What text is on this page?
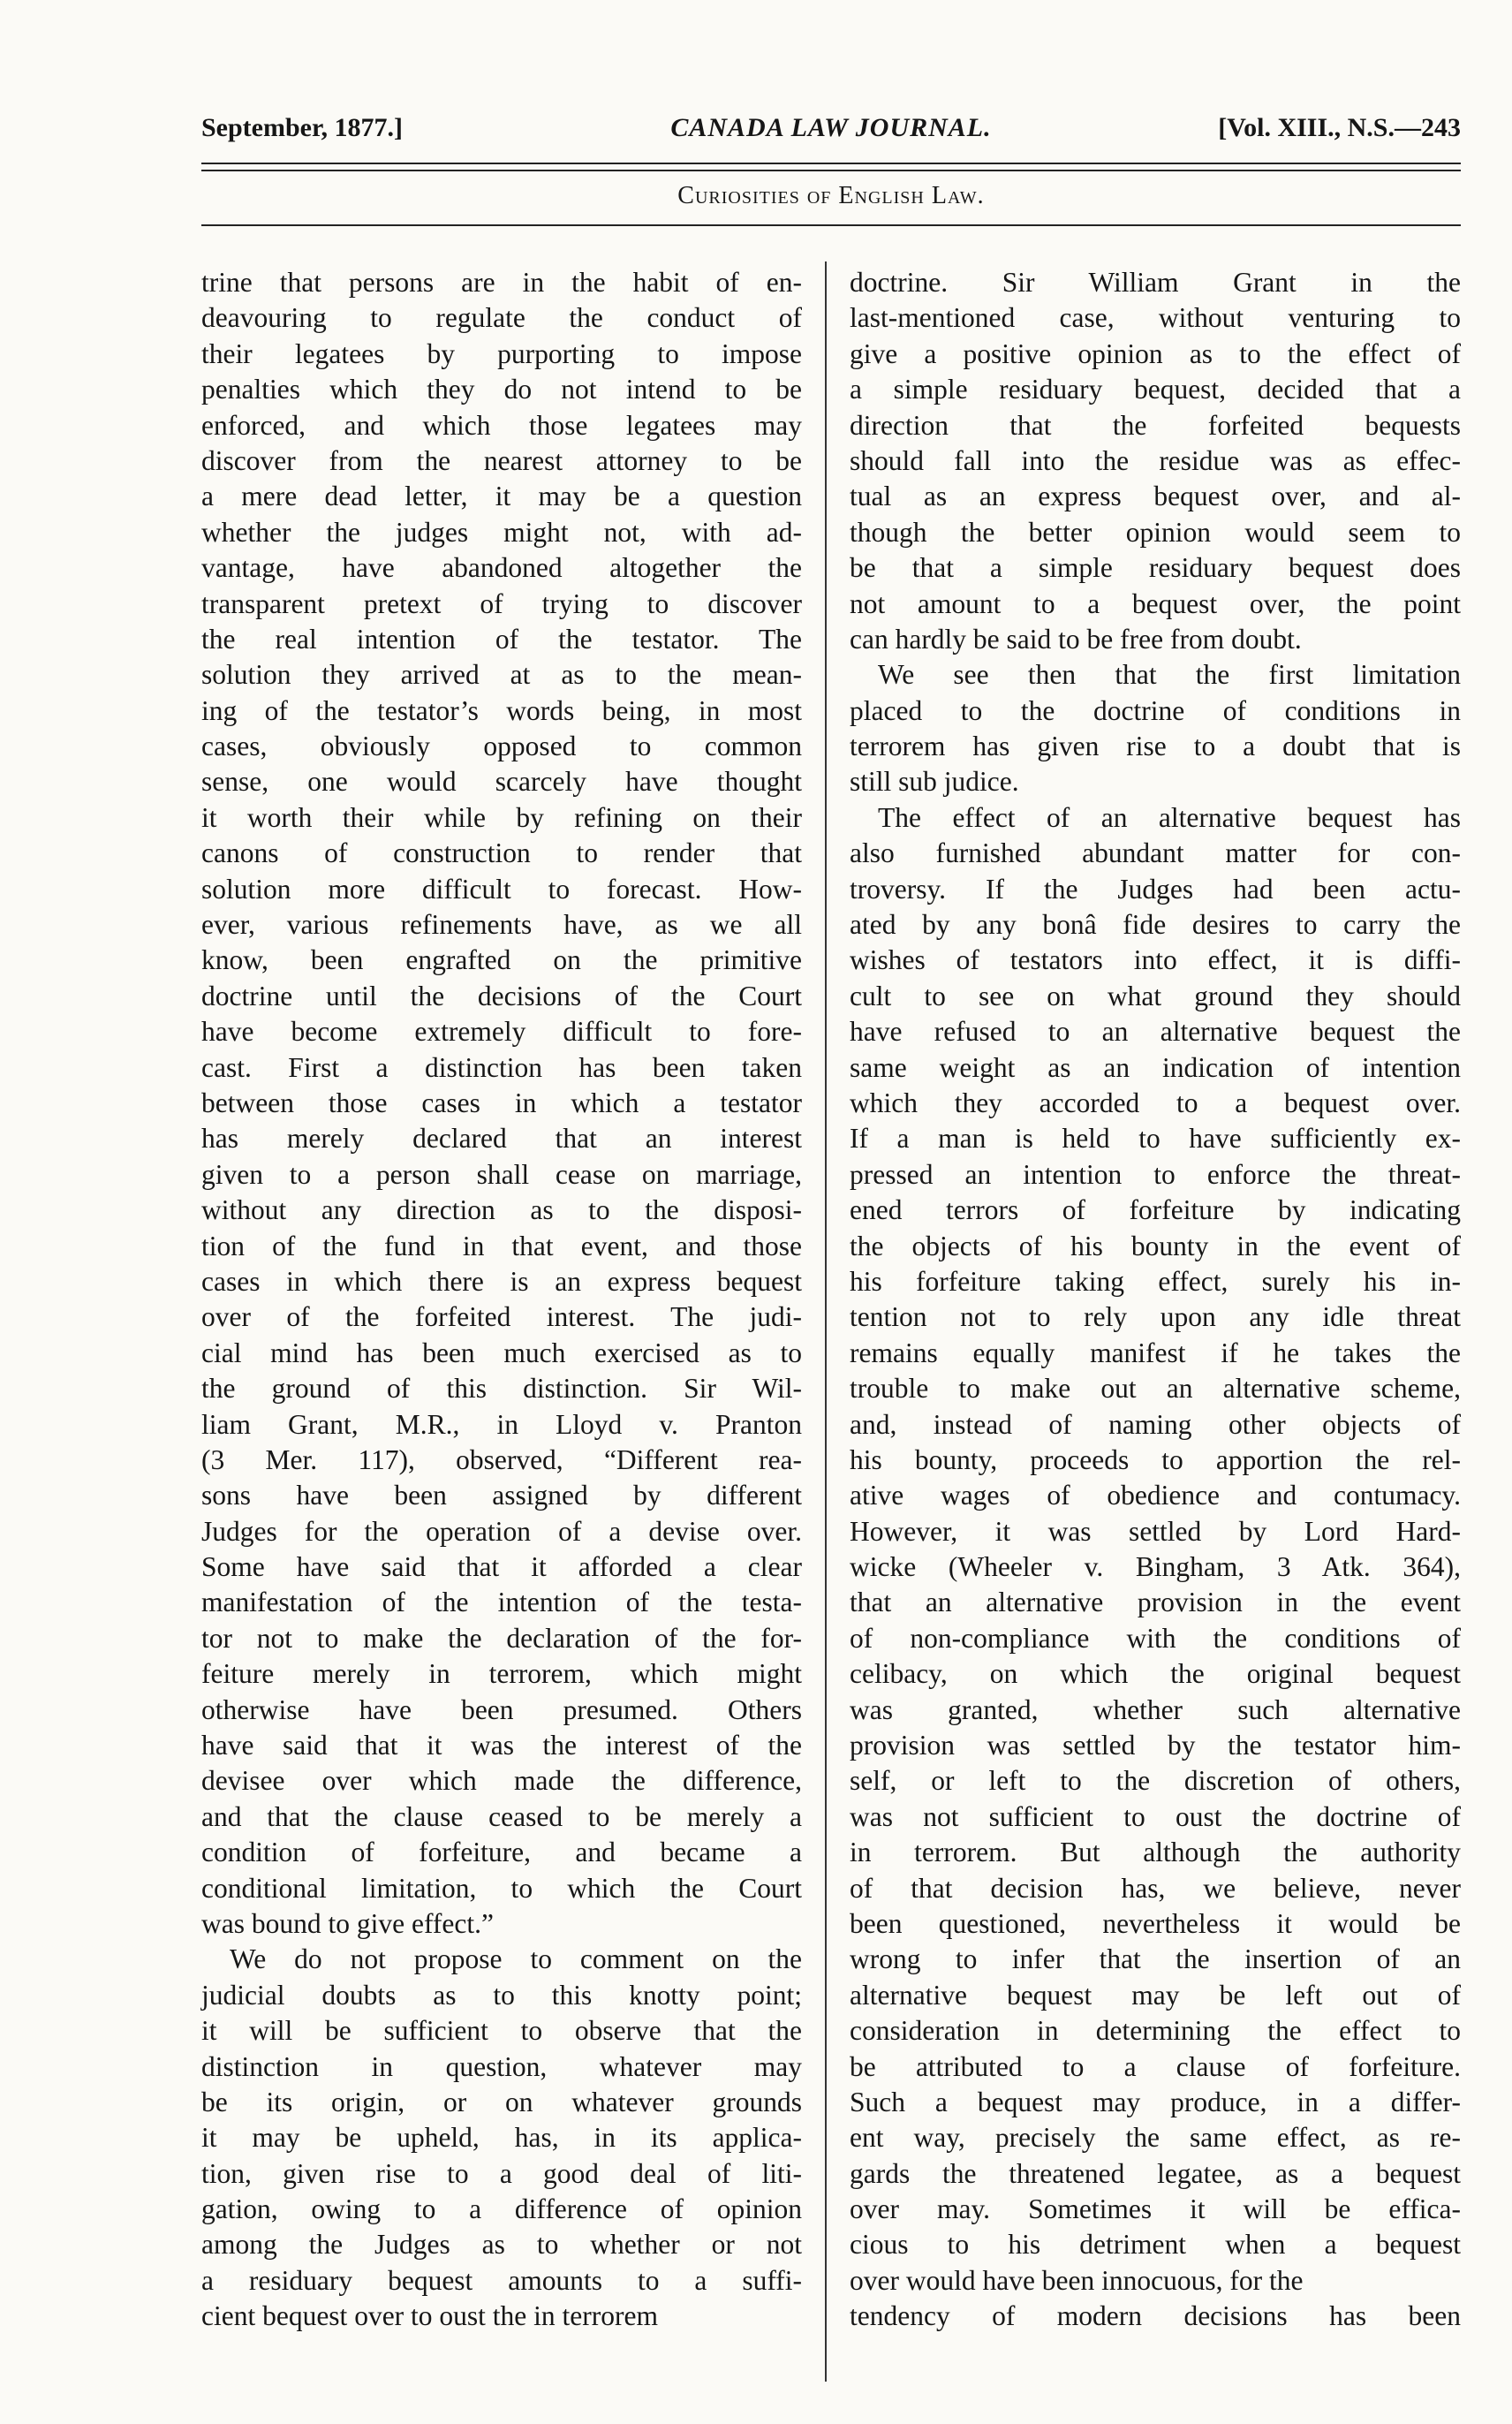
September, 1877.]	CANADA LAW JOURNAL.	[Vol. XIII., N.S.—243
Curiosities of English Law.
trine that persons are in the habit of en-
deavouring to regulate the conduct of
their legatees by purporting to impose
penalties which they do not intend to be
enforced, and which those legatees may
discover from the nearest attorney to be
a mere dead letter, it may be a question
whether the judges might not, with ad-
vantage, have abandoned altogether the
transparent pretext of trying to discover
the real intention of the testator. The
solution they arrived at as to the mean-
ing of the testator’s words being, in most
cases, obviously opposed to common
sense, one would scarcely have thought
it worth their while by refining on their
canons of construction to render that
solution more difficult to forecast. How-
ever, various refinements have, as we all
know, been engrafted on the primitive
doctrine until the decisions of the Court
have become extremely difficult to fore-
cast. First a distinction has been taken
between those cases in which a testator
has merely declared that an interest
given to a person shall cease on marriage,
without any direction as to the disposi-
tion of the fund in that event, and those
cases in which there is an express bequest
over of the forfeited interest. The judi-
cial mind has been much exercised as to
the ground of this distinction. Sir Wil-
liam Grant, M.R., in Lloyd v. Pranton
(3 Mer. 117), observed, “Different rea-
sons have been assigned by different
Judges for the operation of a devise over.
Some have said that it afforded a clear
manifestation of the intention of the testa-
tor not to make the declaration of the for-
feiture merely in terrorem, which might
otherwise have been presumed. Others
have said that it was the interest of the
devisee over which made the difference,
and that the clause ceased to be merely a
condition of forfeiture, and became a
conditional limitation, to which the Court
was bound to give effect.”
We do not propose to comment on the
judicial doubts as to this knotty point;
it will be sufficient to observe that the
distinction in question, whatever may
be its origin, or on whatever grounds
it may be upheld, has, in its applica-
tion, given rise to a good deal of liti-
gation, owing to a difference of opinion
among the Judges as to whether or not
a residuary bequest amounts to a suffi-
cient bequest over to oust the in terrorem
doctrine. Sir William Grant in the
last-mentioned case, without venturing to
give a positive opinion as to the effect of
a simple residuary bequest, decided that a
direction that the forfeited bequests
should fall into the residue was as effec-
tual as an express bequest over, and al-
though the better opinion would seem to
be that a simple residuary bequest does
not amount to a bequest over, the point
can hardly be said to be free from doubt.
We see then that the first limitation
placed to the doctrine of conditions in
terrorem has given rise to a doubt that is
still sub judice.
The effect of an alternative bequest has
also furnished abundant matter for con-
troversy. If the Judges had been actu-
ated by any bonâ fide desires to carry the
wishes of testators into effect, it is diffi-
cult to see on what ground they should
have refused to an alternative bequest the
same weight as an indication of intention
which they accorded to a bequest over.
If a man is held to have sufficiently ex-
pressed an intention to enforce the threat-
ened terrors of forfeiture by indicating
the objects of his bounty in the event of
his forfeiture taking effect, surely his in-
tention not to rely upon any idle threat
remains equally manifest if he takes the
trouble to make out an alternative scheme,
and, instead of naming other objects of
his bounty, proceeds to apportion the rel-
ative wages of obedience and contumacy.
However, it was settled by Lord Hard-
wicke (Wheeler v. Bingham, 3 Atk. 364),
that an alternative provision in the event
of non-compliance with the conditions of
celibacy, on which the original bequest
was granted, whether such alternative
provision was settled by the testator him-
self, or left to the discretion of others,
was not sufficient to oust the doctrine of
in terrorem. But although the authority
of that decision has, we believe, never
been questioned, nevertheless it would be
wrong to infer that the insertion of an
alternative bequest may be left out of
consideration in determining the effect to
be attributed to a clause of forfeiture.
Such a bequest may produce, in a differ-
ent way, precisely the same effect, as re-
gards the threatened legatee, as a bequest
over may. Sometimes it will be effica-
cious to his detriment when a bequest
over would have been innocuous, for the
tendency of modern decisions has been
